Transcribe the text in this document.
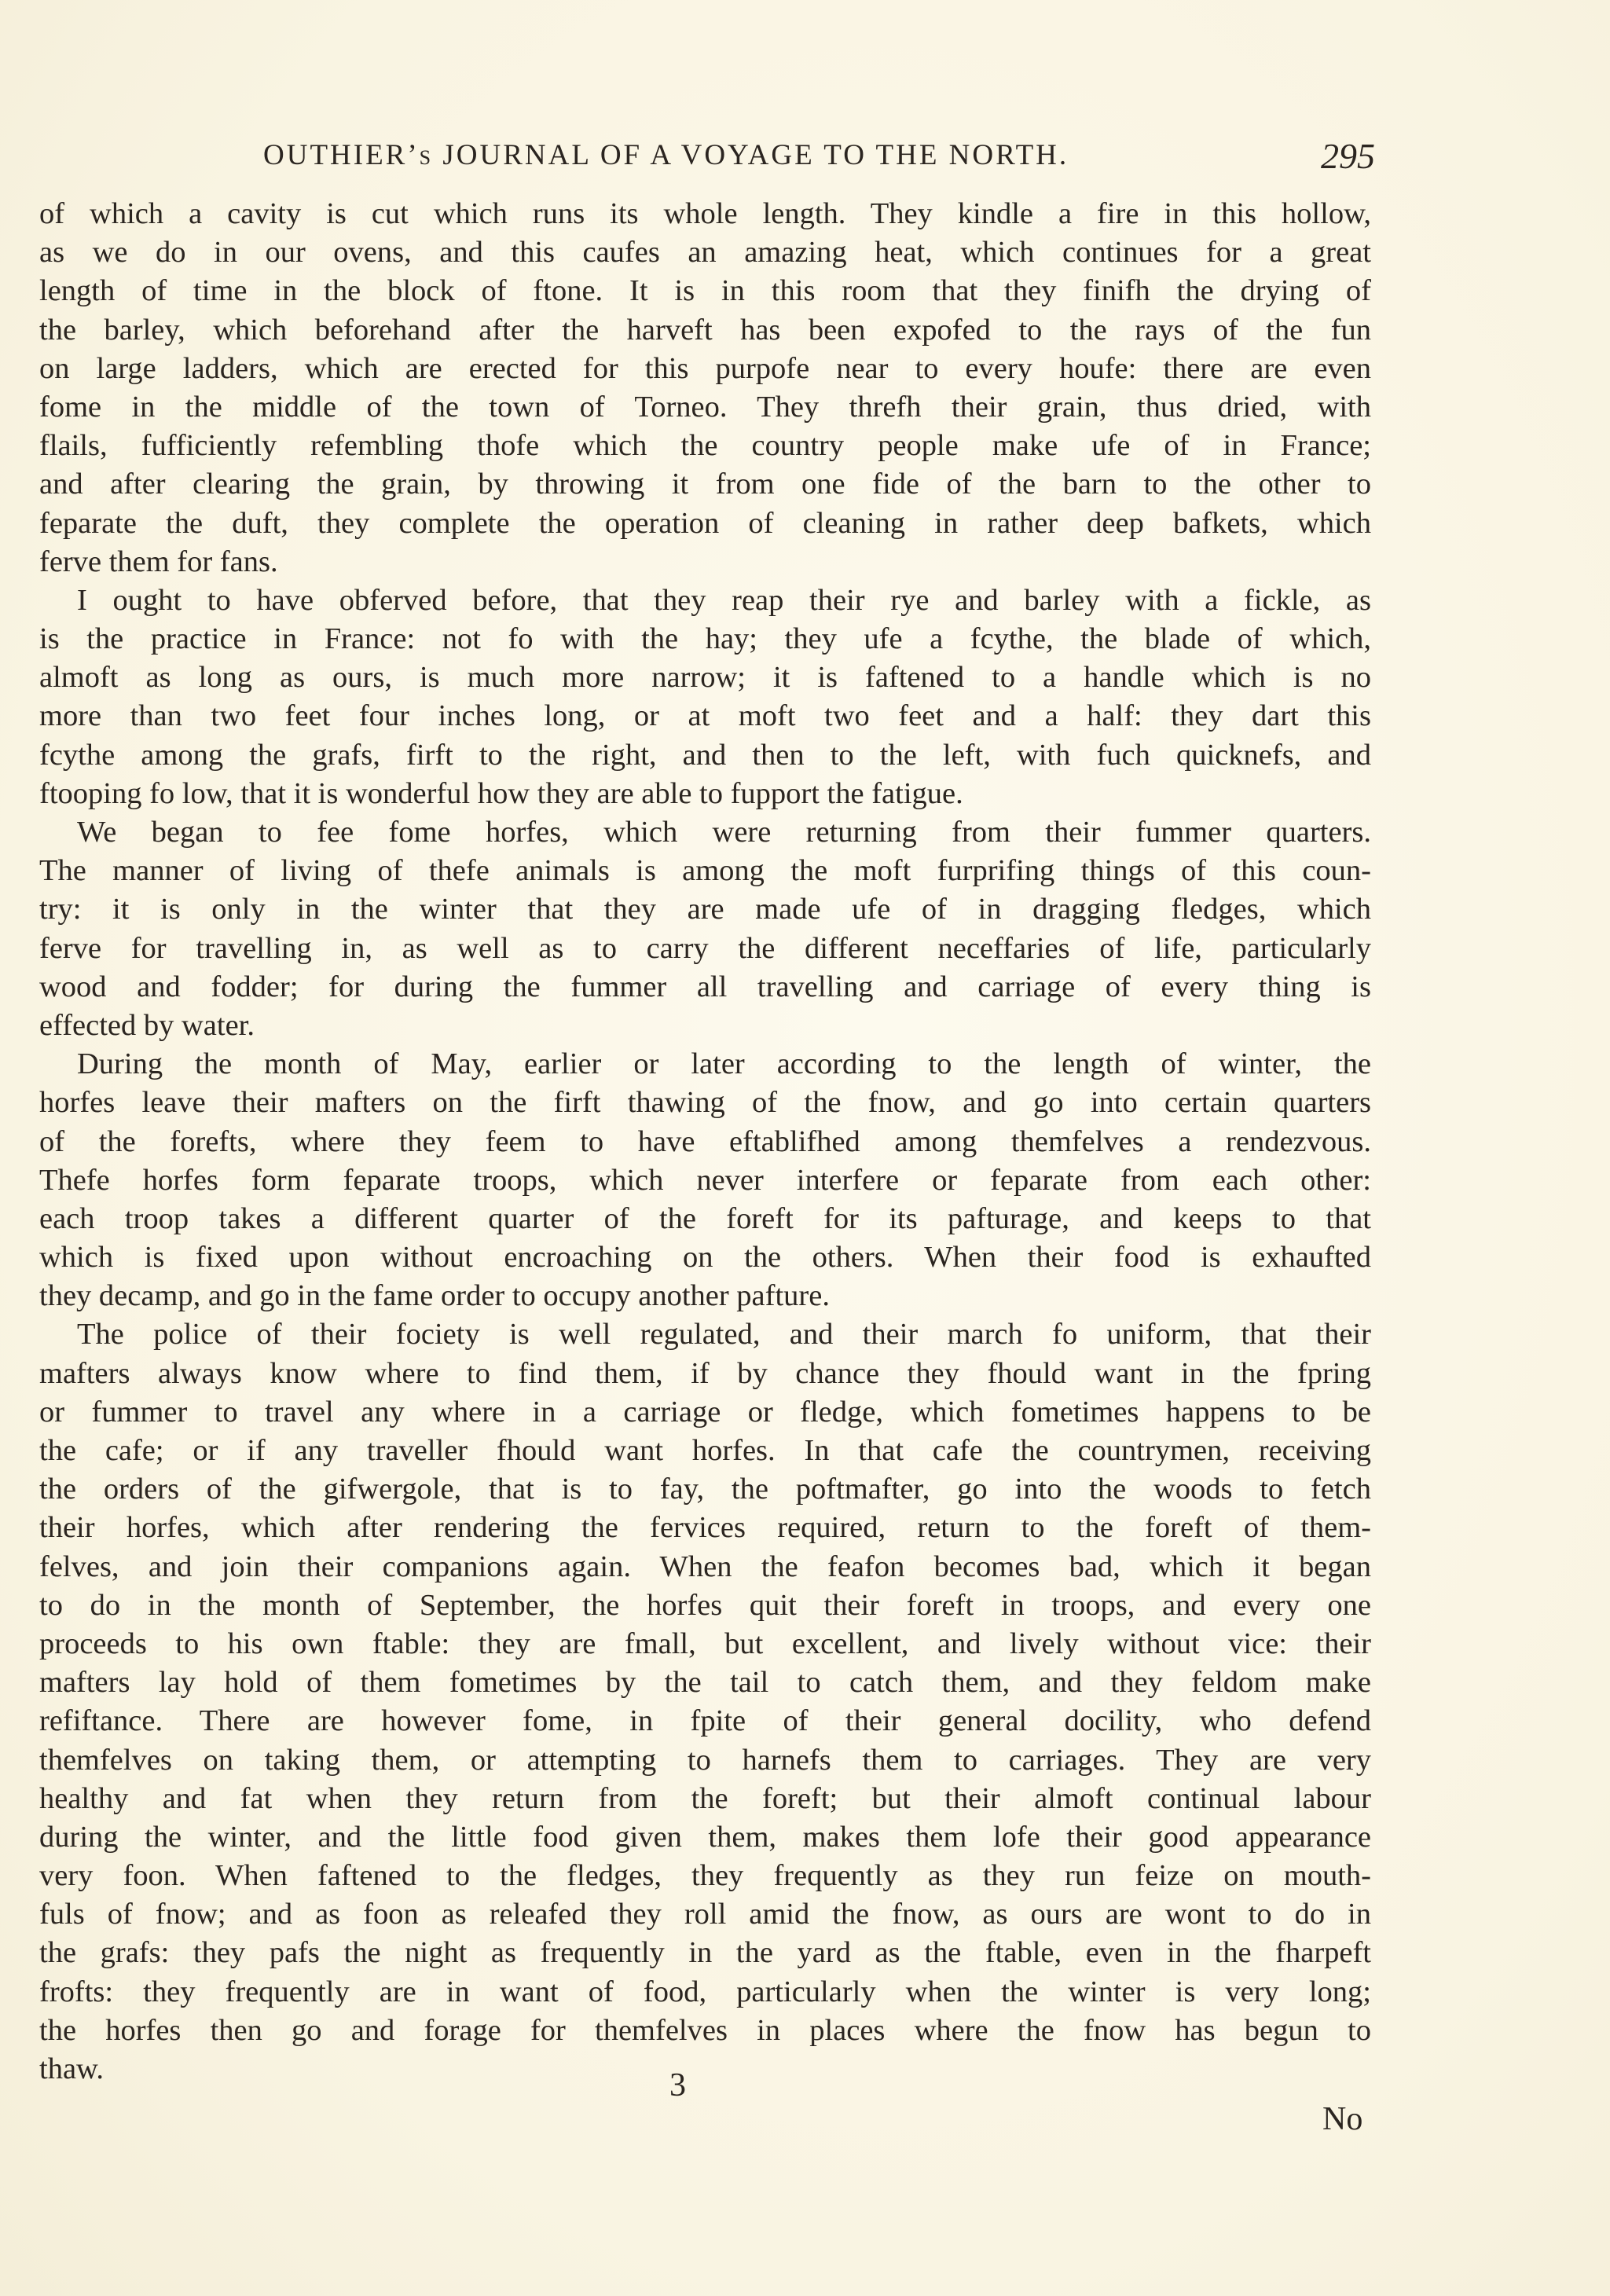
OUTHIER’s JOURNAL OF A VOYAGE TO THE NORTH.	295
of which a cavity is cut which runs its whole length. They kindle a fire in this hollow,
as we do in our ovens, and this caufes an amazing heat, which continues for a great
length of time in the block of ftone. It is in this room that they finifh the drying of
the barley, which beforehand after the harveft has been expofed to the rays of the fun
on large ladders, which are erected for this purpofe near to every houfe: there are even
fome in the middle of the town of Torneo. They threfh their grain, thus dried, with
flails, fufficiently refembling thofe which the country people make ufe of in France;
and after clearing the grain, by throwing it from one fide of the barn to the other to
feparate the duft, they complete the operation of cleaning in rather deep bafkets, which
ferve them for fans.
I ought to have obferved before, that they reap their rye and barley with a fickle, as
is the practice in France: not fo with the hay; they ufe a fcythe, the blade of which,
almoft as long as ours, is much more narrow; it is faftened to a handle which is no
more than two feet four inches long, or at moft two feet and a half: they dart this
fcythe among the grafs, firft to the right, and then to the left, with fuch quicknefs, and
ftooping fo low, that it is wonderful how they are able to fupport the fatigue.
We began to fee fome horfes, which were returning from their fummer quarters.
The manner of living of thefe animals is among the moft furprifing things of this coun-
try: it is only in the winter that they are made ufe of in dragging fledges, which
ferve for travelling in, as well as to carry the different neceffaries of life, particularly
wood and fodder; for during the fummer all travelling and carriage of every thing is
effected by water.
During the month of May, earlier or later according to the length of winter, the
horfes leave their mafters on the firft thawing of the fnow, and go into certain quarters
of the forefts, where they feem to have eftablifhed among themfelves a rendezvous.
Thefe horfes form feparate troops, which never interfere or feparate from each other:
each troop takes a different quarter of the foreft for its pafturage, and keeps to that
which is fixed upon without encroaching on the others. When their food is exhaufted
they decamp, and go in the fame order to occupy another pafture.
The police of their fociety is well regulated, and their march fo uniform, that their
mafters always know where to find them, if by chance they fhould want in the fpring
or fummer to travel any where in a carriage or fledge, which fometimes happens to be
the cafe; or if any traveller fhould want horfes. In that cafe the countrymen, receiving
the orders of the gifwergole, that is to fay, the poftmafter, go into the woods to fetch
their horfes, which after rendering the fervices required, return to the foreft of them-
felves, and join their companions again. When the feafon becomes bad, which it began
to do in the month of September, the horfes quit their foreft in troops, and every one
proceeds to his own ftable: they are fmall, but excellent, and lively without vice: their
mafters lay hold of them fometimes by the tail to catch them, and they feldom make
refiftance. There are however fome, in fpite of their general docility, who defend
themfelves on taking them, or attempting to harnefs them to carriages. They are very
healthy and fat when they return from the foreft; but their almoft continual labour
during the winter, and the little food given them, makes them lofe their good appearance
very foon. When faftened to the fledges, they frequently as they run feize on mouth-
fuls of fnow; and as foon as releafed they roll amid the fnow, as ours are wont to do in
the grafs: they pafs the night as frequently in the yard as the ftable, even in the fharpeft
frofts: they frequently are in want of food, particularly when the winter is very long;
the horfes then go and forage for themfelves in places where the fnow has begun to
thaw.	3
No
